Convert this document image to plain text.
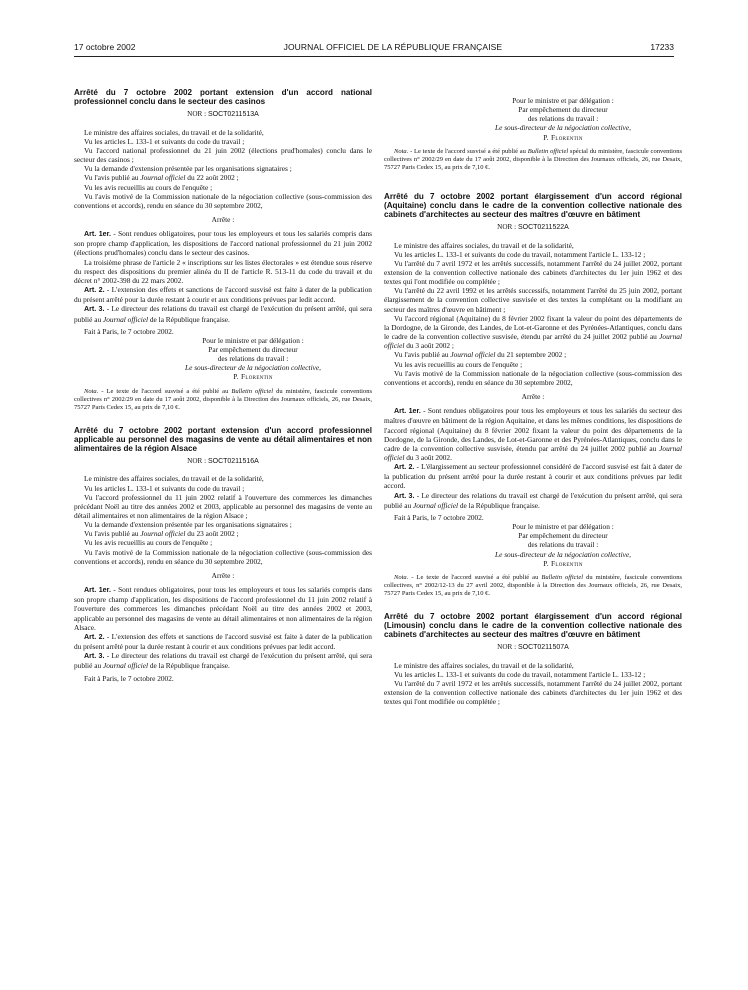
17 octobre 2002	JOURNAL OFFICIEL DE LA RÉPUBLIQUE FRANÇAISE	17233
Arrêté du 7 octobre 2002 portant extension d'un accord national professionnel conclu dans le secteur des casinos
NOR : SOCT0211513A

Le ministre des affaires sociales, du travail et de la solidarité,

Vu les articles L. 133-1 et suivants du code du travail ;

Vu l'accord national professionnel du 21 juin 2002 (élections prud'homales) conclu dans le secteur des casinos ;

Vu la demande d'extension présentée par les organisations signataires ;

Vu l'avis publié au Journal officiel du 22 août 2002 ;

Vu les avis recueillis au cours de l'enquête ;

Vu l'avis motivé de la Commission nationale de la négociation collective (sous-commission des conventions et accords), rendu en séance du 30 septembre 2002,

Arrête :

Art. 1er. - Sont rendues obligatoires, pour tous les employeurs et tous les salariés compris dans son propre champ d'application, les dispositions de l'accord national professionnel du 21 juin 2002 (élections prud'homales) conclu dans le secteur des casinos.

La troisième phrase de l'article 2 « inscriptions sur les listes électorales » est étendue sous réserve du respect des dispositions du premier alinéa du II de l'article R. 513-11 du code du travail et du décret n° 2002-398 du 22 mars 2002.

Art. 2. - L'extension des effets et sanctions de l'accord susvisé est faite à dater de la publication du présent arrêté pour la durée restant à courir et aux conditions prévues par ledit accord.

Art. 3. - Le directeur des relations du travail est chargé de l'exécution du présent arrêté, qui sera publié au Journal officiel de la République française.

Fait à Paris, le 7 octobre 2002.

Pour le ministre et par délégation :

Par empêchement du directeur

des relations du travail :

Le sous-directeur de la négociation collective,

P. Florentin

Nota. - Le texte de l'accord susvisé a été publié au Bulletin officiel du ministère, fascicule conventions collectives n° 2002/29 en date du 17 août 2002, disponible à la Direction des Journaux officiels, 26, rue Desaix, 75727 Paris Cedex 15, au prix de 7,10 €.

Arrêté du 7 octobre 2002 portant extension d'un accord professionnel applicable au personnel des magasins de vente au détail alimentaires et non alimentaires de la région Alsace
NOR : SOCT0211516A

Le ministre des affaires sociales, du travail et de la solidarité,

Vu les articles L. 133-1 et suivants du code du travail ;

Vu l'accord professionnel du 11 juin 2002 relatif à l'ouverture des commerces les dimanches précédant Noël au titre des années 2002 et 2003, applicable au personnel des magasins de vente au détail alimentaires et non alimentaires de la région Alsace ;

Vu la demande d'extension présentée par les organisations signataires ;

Vu l'avis publié au Journal officiel du 23 août 2002 ;

Vu les avis recueillis au cours de l'enquête ;

Vu l'avis motivé de la Commission nationale de la négociation collective (sous-commission des conventions et accords), rendu en séance du 30 septembre 2002,

Arrête :

Art. 1er. - Sont rendues obligatoires, pour tous les employeurs et tous les salariés compris dans son propre champ d'application, les dispositions de l'accord professionnel du 11 juin 2002 relatif à l'ouverture des commerces les dimanches précédant Noël au titre des années 2002 et 2003, applicable au personnel des magasins de vente au détail alimentaires et non alimentaires de la région Alsace.

Art. 2. - L'extension des effets et sanctions de l'accord susvisé est faite à dater de la publication du présent arrêté pour la durée restant à courir et aux conditions prévues par ledit accord.

Art. 3. - Le directeur des relations du travail est chargé de l'exécution du présent arrêté, qui sera publié au Journal officiel de la République française.

Fait à Paris, le 7 octobre 2002.

Pour le ministre et par délégation :

Par empêchement du directeur

des relations du travail :

Le sous-directeur de la négociation collective,

P. Florentin

Nota. - Le texte de l'accord susvisé a été publié au Bulletin officiel spécial du ministère, fascicule conventions collectives n° 2002/29 en date du 17 août 2002, disponible à la Direction des Journaux officiels, 26, rue Desaix, 75727 Paris Cedex 15, au prix de 7,10 €.

Arrêté du 7 octobre 2002 portant élargissement d'un accord régional (Aquitaine) conclu dans le cadre de la convention collective nationale des cabinets d'architectes au secteur des maîtres d'œuvre en bâtiment
NOR : SOCT0211522A

Le ministre des affaires sociales, du travail et de la solidarité,

Vu les articles L. 133-1 et suivants du code du travail, notamment l'article L. 133-12 ;

Vu l'arrêté du 7 avril 1972 et les arrêtés successifs, notamment l'arrêté du 24 juillet 2002, portant extension de la convention collective nationale des cabinets d'architectes du 1er juin 1962 et des textes qui l'ont modifiée ou complétée ;

Vu l'arrêté du 22 avril 1992 et les arrêtés successifs, notamment l'arrêté du 25 juin 2002, portant élargissement de la convention collective susvisée et des textes la complétant ou la modifiant au secteur des maîtres d'œuvre en bâtiment ;

Vu l'accord régional (Aquitaine) du 8 février 2002 fixant la valeur du point des départements de la Dordogne, de la Gironde, des Landes, de Lot-et-Garonne et des Pyrénées-Atlantiques, conclu dans le cadre de la convention collective susvisée, étendu par arrêté du 24 juillet 2002 publié au Journal officiel du 3 août 2002 ;

Vu l'avis publié au Journal officiel du 21 septembre 2002 ;

Vu les avis recueillis au cours de l'enquête ;

Vu l'avis motivé de la Commission nationale de la négociation collective (sous-commission des conventions et accords), rendu en séance du 30 septembre 2002,

Arrête :

Art. 1er. - Sont rendues obligatoires pour tous les employeurs et tous les salariés du secteur des maîtres d'œuvre en bâtiment de la région Aquitaine, et dans les mêmes conditions, les dispositions de l'accord régional (Aquitaine) du 8 février 2002 fixant la valeur du point des départements de la Dordogne, de la Gironde, des Landes, de Lot-et-Garonne et des Pyrénées-Atlantiques, conclu dans le cadre de la convention collective susvisée, étendu par arrêté du 24 juillet 2002 publié au Journal officiel du 3 août 2002.

Art. 2. - L'élargissement au secteur professionnel considéré de l'accord susvisé est fait à dater de la publication du présent arrêté pour la durée restant à courir et aux conditions prévues par ledit accord.

Art. 3. - Le directeur des relations du travail est chargé de l'exécution du présent arrêté, qui sera publié au Journal officiel de la République française.

Fait à Paris, le 7 octobre 2002.

Pour le ministre et par délégation :

Par empêchement du directeur

des relations du travail :

Le sous-directeur de la négociation collective,

P. Florentin

Nota. - Le texte de l'accord susvisé a été publié au Bulletin officiel du ministère, fascicule conventions collectives, n° 2002/12-13 du 27 avril 2002, disponible à la Direction des Journaux officiels, 26, rue Desaix, 75727 Paris Cedex 15, au prix de 7,10 €.

Arrêté du 7 octobre 2002 portant élargissement d'un accord régional (Limousin) conclu dans le cadre de la convention collective nationale des cabinets d'architectes au secteur des maîtres d'œuvre en bâtiment
NOR : SOCT0211507A

Le ministre des affaires sociales, du travail et de la solidarité,

Vu les articles L. 133-1 et suivants du code du travail, notamment l'article L. 133-12 ;

Vu l'arrêté du 7 avril 1972 et les arrêtés successifs, notamment l'arrêté du 24 juillet 2002, portant extension de la convention collective nationale des cabinets d'architectes du 1er juin 1962 et des textes qui l'ont modifiée ou complétée ;
